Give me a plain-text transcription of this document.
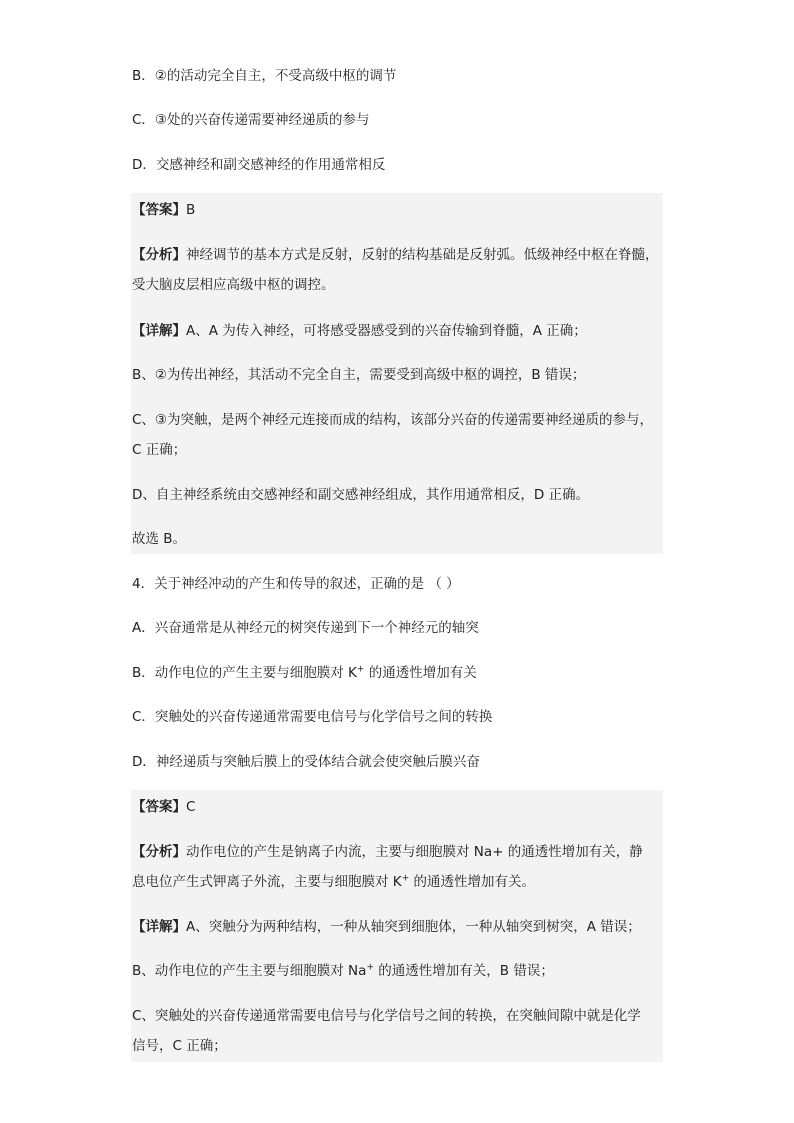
B．②的活动完全自主，不受高级中枢的调节
C．③处的兴奋传递需要神经递质的参与
D．交感神经和副交感神经的作用通常相反
【答案】B
【分析】神经调节的基本方式是反射，反射的结构基础是反射弧。低级神经中枢在脊髓，
受大脑皮层相应高级中枢的调控。
【详解】A、A 为传入神经，可将感受器感受到的兴奋传输到脊髓，A 正确；
B、②为传出神经，其活动不完全自主，需要受到高级中枢的调控，B 错误；
C、③为突触，是两个神经元连接而成的结构，该部分兴奋的传递需要神经递质的参与，
C 正确；
D、自主神经系统由交感神经和副交感神经组成，其作用通常相反，D 正确。
故选 B。
4．关于神经冲动的产生和传导的叙述，正确的是 （ ）
A．兴奋通常是从神经元的树突传递到下一个神经元的轴突
B．动作电位的产生主要与细胞膜对 K+ 的通透性增加有关
C．突触处的兴奋传递通常需要电信号与化学信号之间的转换
D．神经递质与突触后膜上的受体结合就会使突触后膜兴奋
【答案】C
【分析】动作电位的产生是钠离子内流，主要与细胞膜对 Na+ 的通透性增加有关，静
息电位产生式钾离子外流，主要与细胞膜对 K+ 的通透性增加有关。
【详解】A、突触分为两种结构，一种从轴突到细胞体，一种从轴突到树突，A 错误；
B、动作电位的产生主要与细胞膜对 Na+ 的通透性增加有关，B 错误；
C、突触处的兴奋传递通常需要电信号与化学信号之间的转换，在突触间隙中就是化学
信号，C 正确；
